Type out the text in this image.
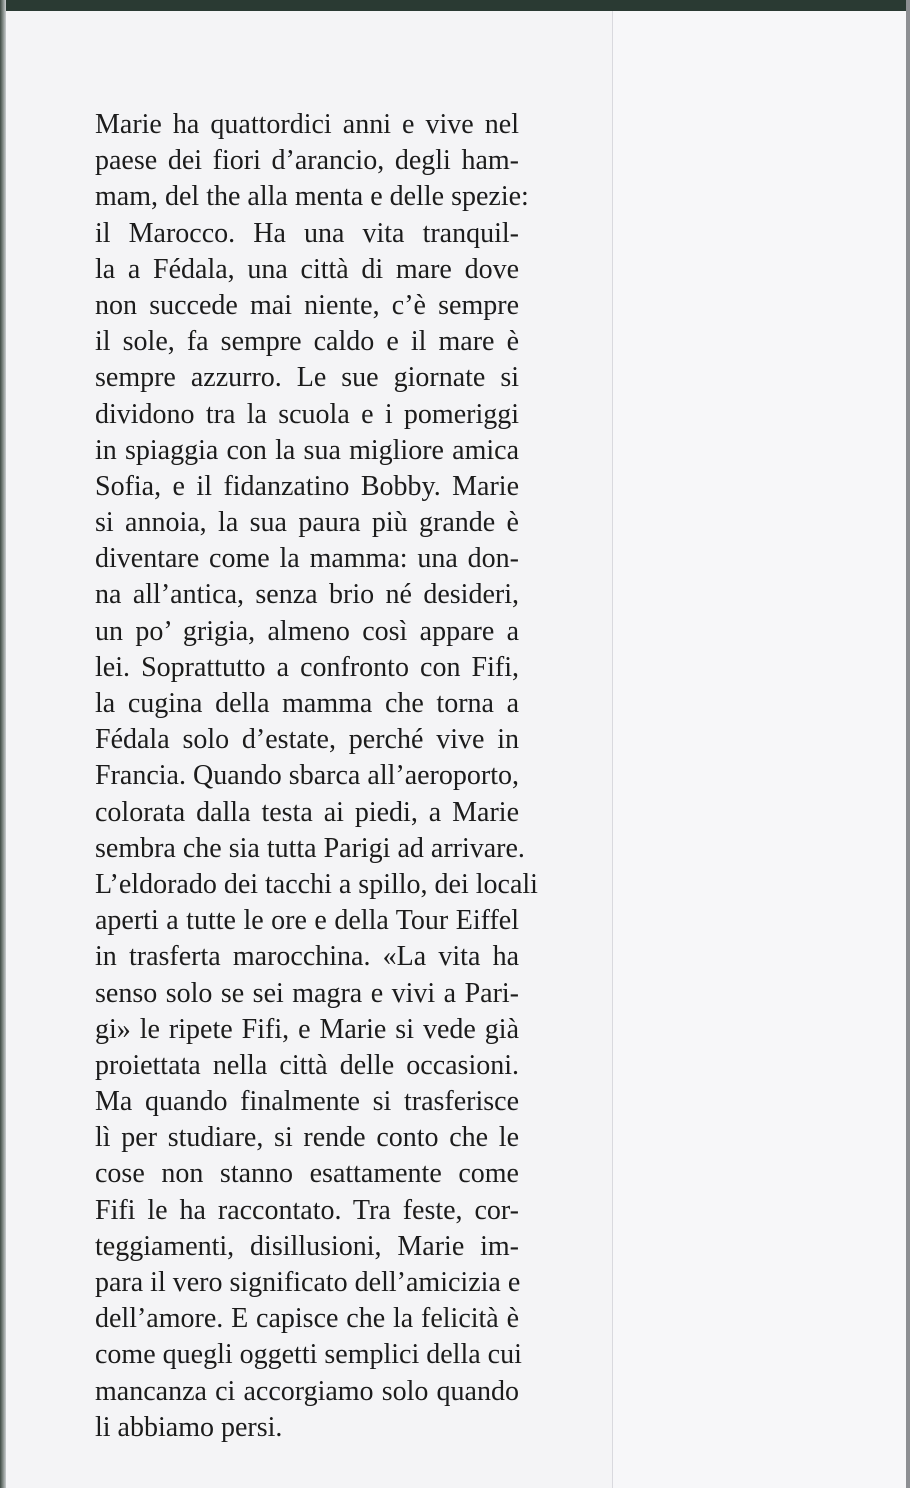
Marie ha quattordici anni e vive nel
paese dei fiori d’arancio, degli ham-
mam, del the alla menta e delle spezie:
il Marocco. Ha una vita tranquil-
la a Fédala, una città di mare dove
non succede mai niente, c’è sempre
il sole, fa sempre caldo e il mare è
sempre azzurro. Le sue giornate si
dividono tra la scuola e i pomeriggi
in spiaggia con la sua migliore amica
Sofia, e il fidanzatino Bobby. Marie
si annoia, la sua paura più grande è
diventare come la mamma: una don-
na all’antica, senza brio né desideri,
un po’ grigia, almeno così appare a
lei. Soprattutto a confronto con Fifi,
la cugina della mamma che torna a
Fédala solo d’estate, perché vive in
Francia. Quando sbarca all’aeroporto,
colorata dalla testa ai piedi, a Marie
sembra che sia tutta Parigi ad arrivare.
L’eldorado dei tacchi a spillo, dei locali
aperti a tutte le ore e della Tour Eiffel
in trasferta marocchina. «La vita ha
senso solo se sei magra e vivi a Pari-
gi» le ripete Fifi, e Marie si vede già
proiettata nella città delle occasioni.
Ma quando finalmente si trasferisce
lì per studiare, si rende conto che le
cose non stanno esattamente come
Fifi le ha raccontato. Tra feste, cor-
teggiamenti, disillusioni, Marie im-
para il vero significato dell’amicizia e
dell’amore. E capisce che la felicità è
come quegli oggetti semplici della cui
mancanza ci accorgiamo solo quando
li abbiamo persi.
